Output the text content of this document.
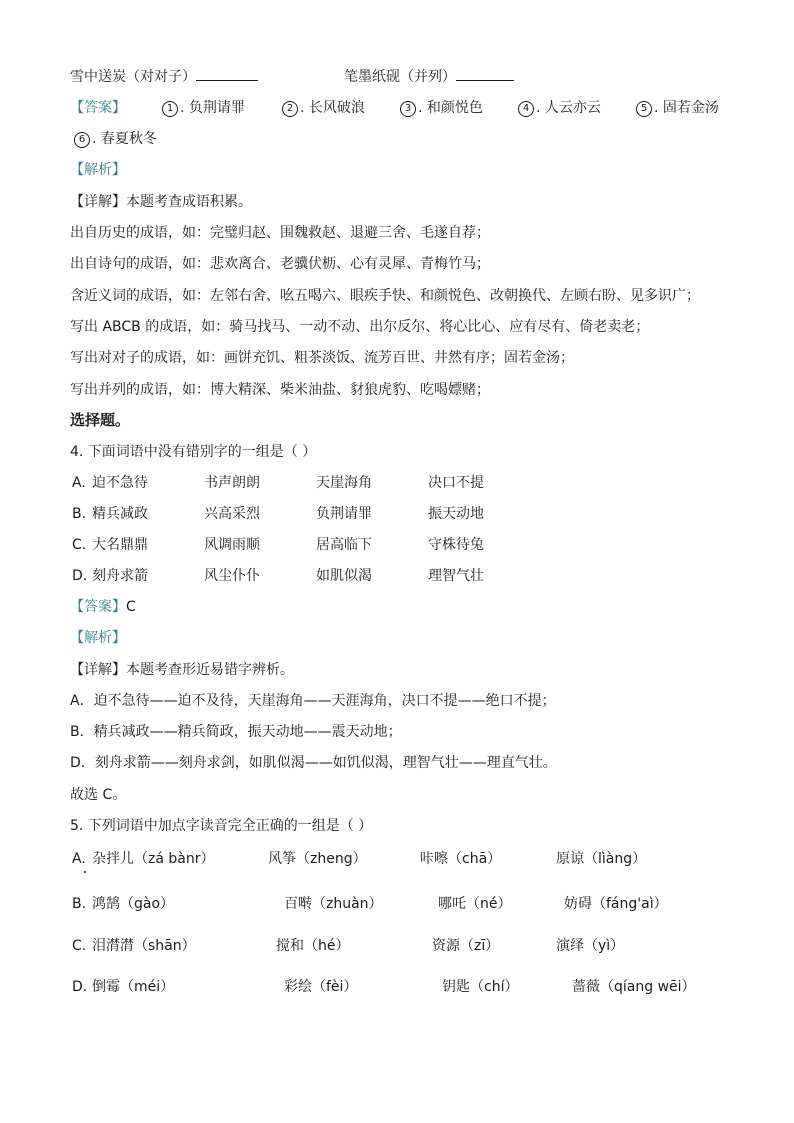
雪中送炭（对对子）	笔墨纸砚（并列）
【答案】	1 . 负荆请罪	2 . 长风破浪	3 . 和颜悦色	4 . 人云亦云	5 . 固若金汤
6 . 春夏秋冬
【解析】
【详解】本题考查成语积累。
出自历史的成语，如：完璧归赵、围魏救赵、退避三舍、毛遂自荐；
出自诗句的成语，如：悲欢离合、老骥伏枥、心有灵犀、青梅竹马；
含近义词的成语，如：左邻右舍、吆五喝六、眼疾手快、和颜悦色、改朝换代、左顾右盼、见多识广；
写出 ABCB 的成语，如：骑马找马、一动不动、出尔反尔、将心比心、应有尽有、倚老卖老；
写出对对子的成语，如：画饼充饥、粗茶淡饭、流芳百世、井然有序；固若金汤；
写出并列的成语，如：博大精深、柴米油盐、豺狼虎豹、吃喝嫖赌；
选择题。
4. 下面词语中没有错别字的一组是（ ）
A. 迫不急待	书声朗朗	天崖海角	决口不提
B. 精兵减政	兴高采烈	负荆请罪	振天动地
C. 大名鼎鼎	风调雨顺	居高临下	守株待兔
D. 刻舟求箭	风尘仆仆	如肌似渴	理智气壮
【答案】C
【解析】
【详解】本题考查形近易错字辨析。
A．迫不急待——迫不及待，天崖海角——天涯海角，决口不提——绝口不提；
B．精兵减政——精兵简政，振天动地——震天动地；
D．刻舟求箭——刻舟求剑，如肌似渴——如饥似渴，理智气壮——理直气壮。
故选 C。
5. 下列词语中加点字读音完全正确的一组是（ ）
A. 杂拌儿（zá bànr）	风筝（zheng）	咔嚓（chā）	原谅（lìàng）
B. 鸿鹄（gào）	百啭（zhuàn）	哪吒（né）	妨碍（fáng'aì）
C. 泪潸潸（shān）	搅和（hé）	资源（zī）	演绎（yì）
D. 倒霉（méi）	彩绘（fèi）	钥匙（chí）	蔷薇（qíang wēi）
